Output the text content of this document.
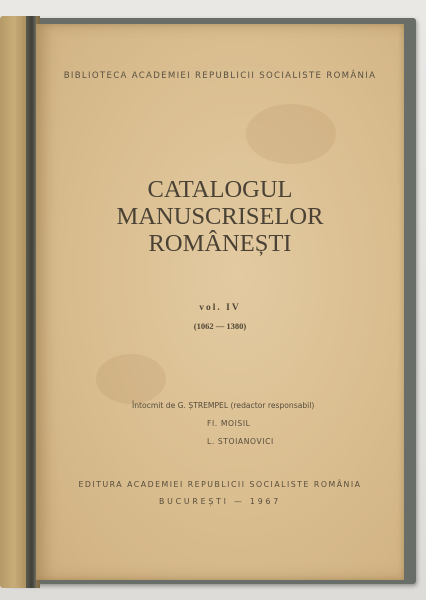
BIBLIOTECA ACADEMIEI REPUBLICII SOCIALISTE ROMÂNIA
CATALOGUL
MANUSCRISELOR
ROMÂNEȘTI
vol. IV
(1062 — 1380)
Întocmit de G. ȘTREMPEL (redactor responsabil)
FI. MOISIL
L. STOIANOVICI
EDITURA ACADEMIEI REPUBLICII SOCIALISTE ROMÂNIA
BUCUREȘTI — 1967
